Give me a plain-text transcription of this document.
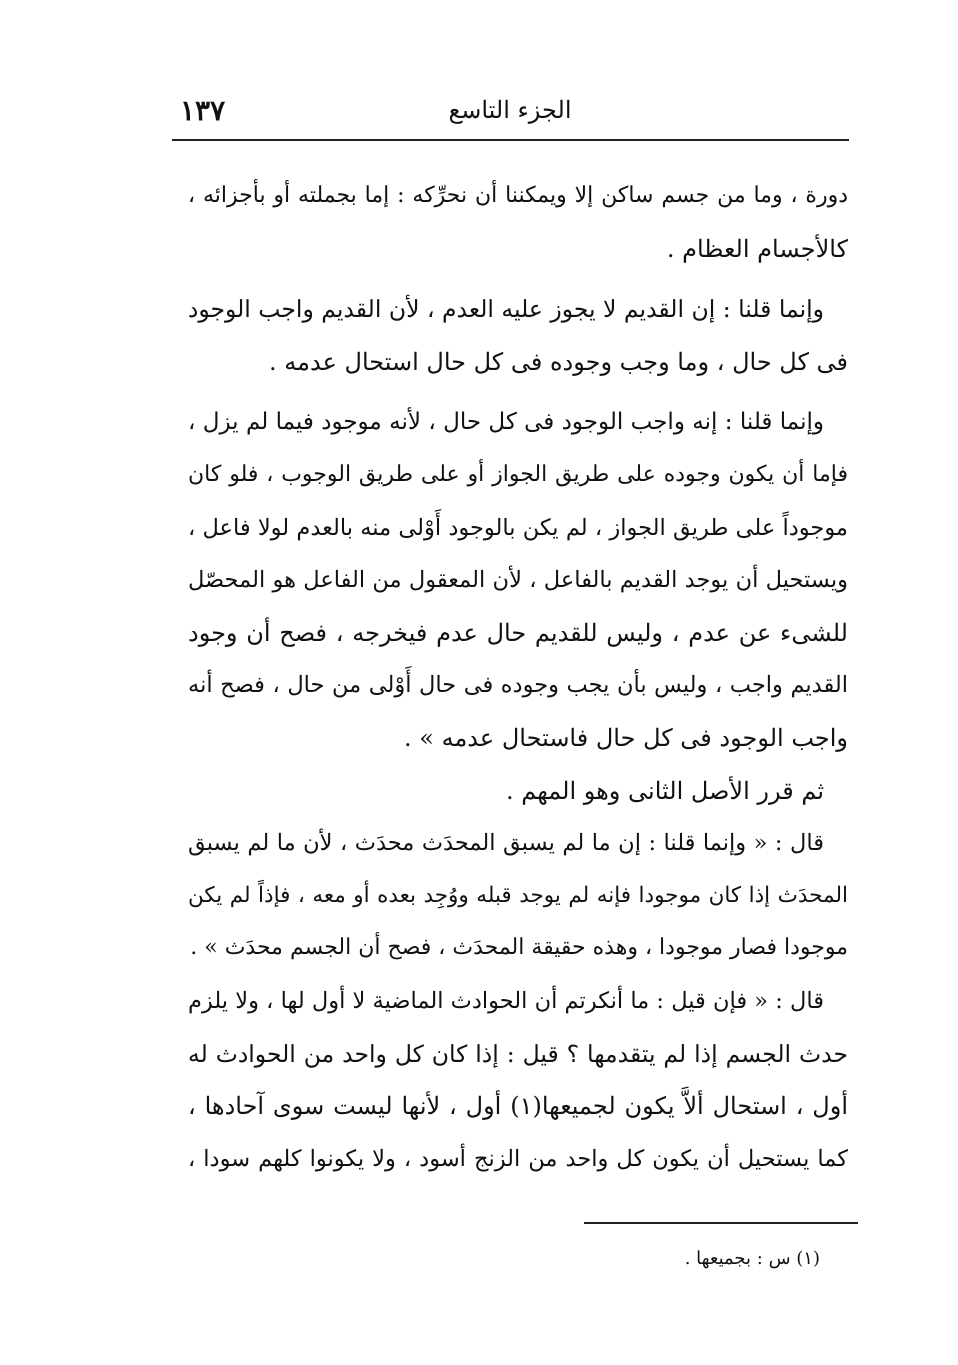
١٣٧	الجزء التاسع
دورة ، وما من جسم ساكن إلا ويمكننا أن نحرِّكه : إما بجملته أو بأجزائه ،
كالأجسام العظام .
وإنما قلنا : إن القديم لا يجوز عليه العدم ، لأن القديم واجب الوجود
فى كل حال ، وما وجب وجوده فى كل حال استحال عدمه .
وإنما قلنا : إنه واجب الوجود فى كل حال ، لأنه موجود فيما لم يزل ،
فإما أن يكون وجوده على طريق الجواز أو على طريق الوجوب ، فلو كان
موجوداً على طريق الجواز ، لم يكن بالوجود أَوْلى منه بالعدم لولا فاعل ،
ويستحيل أن يوجد القديم بالفاعل ، لأن المعقول من الفاعل هو المحصّل
للشىء عن عدم ، وليس للقديم حال عدم فيخرجه ، فصح أن وجود
القديم واجب ، وليس بأن يجب وجوده فى حال أَوْلى من حال ، فصح أنه
واجب الوجود فى كل حال فاستحال عدمه » .
ثم قرر الأصل الثانى وهو المهم .
قال : « وإنما قلنا : إن ما لم يسبق المحدَث محدَث ، لأن ما لم يسبق
المحدَث إذا كان موجودا فإنه لم يوجد قبله ووُجِد بعده أو معه ، فإذاً لم يكن
موجودا فصار موجودا ، وهذه حقيقة المحدَث ، فصح أن الجسم محدَث » .
قال : « فإن قيل : ما أنكرتم أن الحوادث الماضية لا أول لها ، ولا يلزم
حدث الجسم إذا لم يتقدمها ؟ قيل : إذا كان كل واحد من الحوادث له
أول ، استحال ألاَّ يكون لجميعها(١) أول ، لأنها ليست سوى آحادها ،
كما يستحيل أن يكون كل واحد من الزنج أسود ، ولا يكونوا كلهم سودا ،
(١) س : بجميعها .
